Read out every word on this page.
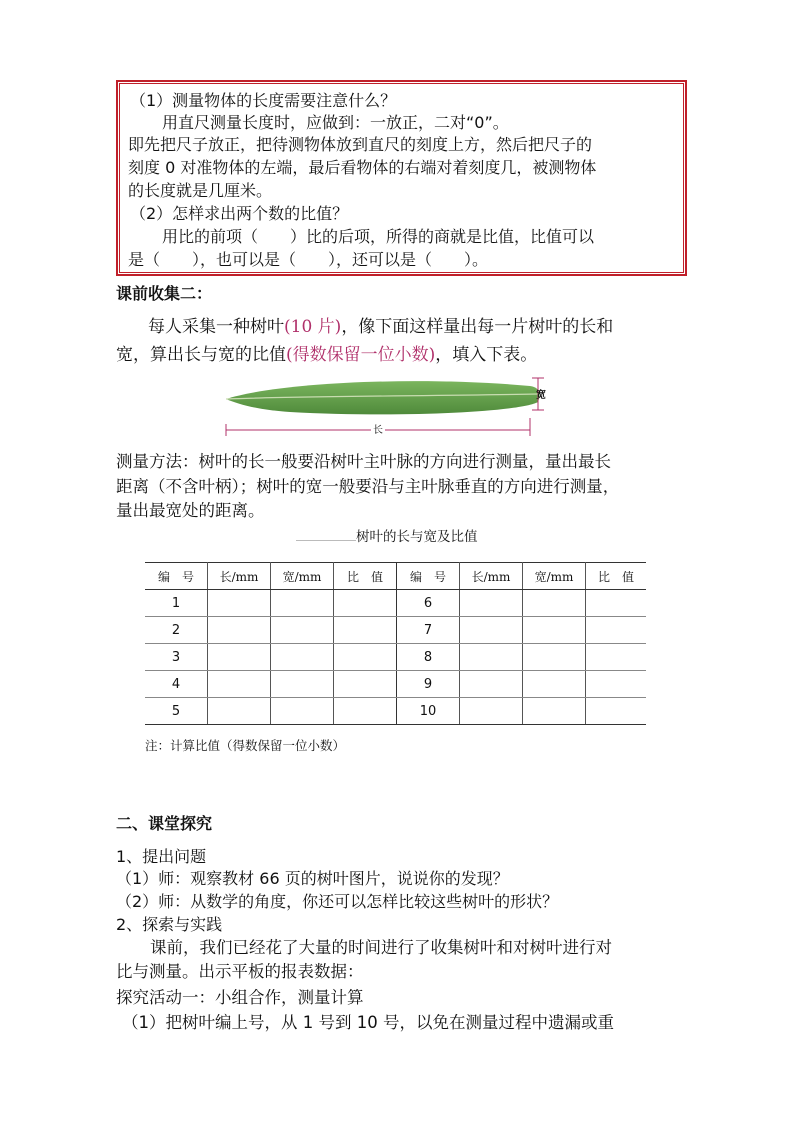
（1）测量物体的长度需要注意什么？
用直尺测量长度时，应做到：一放正，二对“0”。
即先把尺子放正，把待测物体放到直尺的刻度上方，然后把尺子的
刻度 0 对准物体的左端，最后看物体的右端对着刻度几，被测物体
的长度就是几厘米。
（2）怎样求出两个数的比值？
用比的前项（　　）比的后项，所得的商就是比值，比值可以
是（　　），也可以是（　　），还可以是（　　）。
课前收集二：
每人采集一种树叶(10 片)，像下面这样量出每一片树叶的长和
宽，算出长与宽的比值(得数保留一位小数)，填入下表。
长
宽
测量方法：树叶的长一般要沿树叶主叶脉的方向进行测量，量出最长
距离（不含叶柄）；树叶的宽一般要沿与主叶脉垂直的方向进行测量，
量出最宽处的距离。
树叶的长与宽及比值
编　号	长/mm	宽/mm	比　值	编　号	长/mm	宽/mm	比　值
1				6			
2				7			
3				8			
4				9			
5				10			
注：计算比值（得数保留一位小数）
二、课堂探究
1、提出问题
（1）师：观察教材 66 页的树叶图片，说说你的发现？
（2）师：从数学的角度，你还可以怎样比较这些树叶的形状？
2、探索与实践
课前，我们已经花了大量的时间进行了收集树叶和对树叶进行对
比与测量。出示平板的报表数据：
探究活动一：小组合作，测量计算
（1）把树叶编上号，从 1 号到 10 号，以免在测量过程中遗漏或重
